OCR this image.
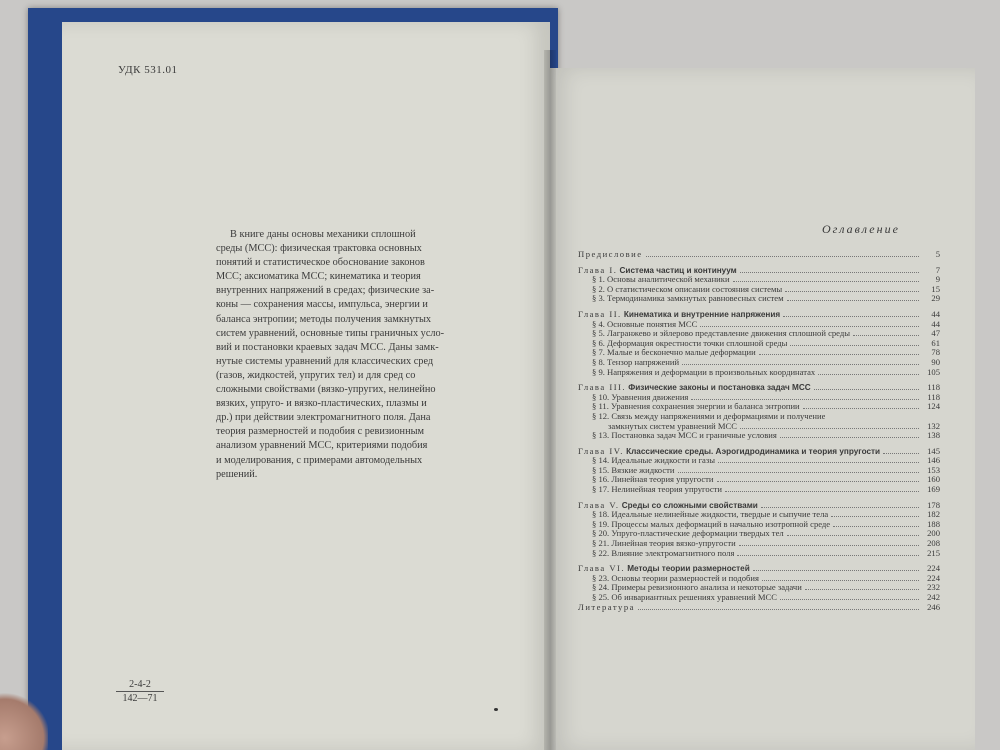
УДК 531.01
В книге даны основы механики сплошной
среды (МСС): физическая трактовка основных
понятий и статистическое обоснование законов
МСС; аксиоматика МСС; кинематика и теория
внутренних напряжений в средах; физические за-
коны — сохранения массы, импульса, энергии и
баланса энтропии; методы получения замкнутых
систем уравнений, основные типы граничных усло-
вий и постановки краевых задач МСС. Даны замк-
нутые системы уравнений для классических сред
(газов, жидкостей, упругих тел) и для сред со
сложными свойствами (вязко-упругих, нелинейно
вязких, упруго- и вязко-пластических, плазмы и
др.) при действии электромагнитного поля. Дана
теория размерностей и подобия с ревизионным
анализом уравнений МСС, критериями подобия
и моделирования, с примерами автомодельных
решений.
2-4-2
142—71
Оглавление
Предисловие	5
Глава I. Система частиц и континуум	7
§ 1. Основы аналитической механики	9
§ 2. О статистическом описании состояния системы	15
§ 3. Термодинамика замкнутых равновесных систем	29
Глава II. Кинематика и внутренние напряжения	44
§ 4. Основные понятия МСС	44
§ 5. Лагранжево и эйлерово представление движения сплошной среды	47
§ 6. Деформация окрестности точки сплошной среды	61
§ 7. Малые и бесконечно малые деформации	78
§ 8. Тензор напряжений	90
§ 9. Напряжения и деформации в произвольных координатах	105
Глава III. Физические законы и постановка задач МСС	118
§ 10. Уравнения движения	118
§ 11. Уравнения сохранения энергии и баланса энтропии	124
§ 12. Связь между напряжениями и деформациями и получение
замкнутых систем уравнений МСС	132
§ 13. Постановка задач МСС и граничные условия	138
Глава IV. Классические среды. Аэрогидродинамика и теория упругости	145
§ 14. Идеальные жидкости и газы	146
§ 15. Вязкие жидкости	153
§ 16. Линейная теория упругости	160
§ 17. Нелинейная теория упругости	169
Глава V. Среды со сложными свойствами	178
§ 18. Идеальные нелинейные жидкости, твердые и сыпучие тела	182
§ 19. Процессы малых деформаций в начально изотропной среде	188
§ 20. Упруго-пластические деформации твердых тел	200
§ 21. Линейная теория вязко-упругости	208
§ 22. Влияние электромагнитного поля	215
Глава VI. Методы теории размерностей	224
§ 23. Основы теории размерностей и подобия	224
§ 24. Примеры ревизионного анализа и некоторые задачи	232
§ 25. Об инвариантных решениях уравнений МСС	242
Литература	246
